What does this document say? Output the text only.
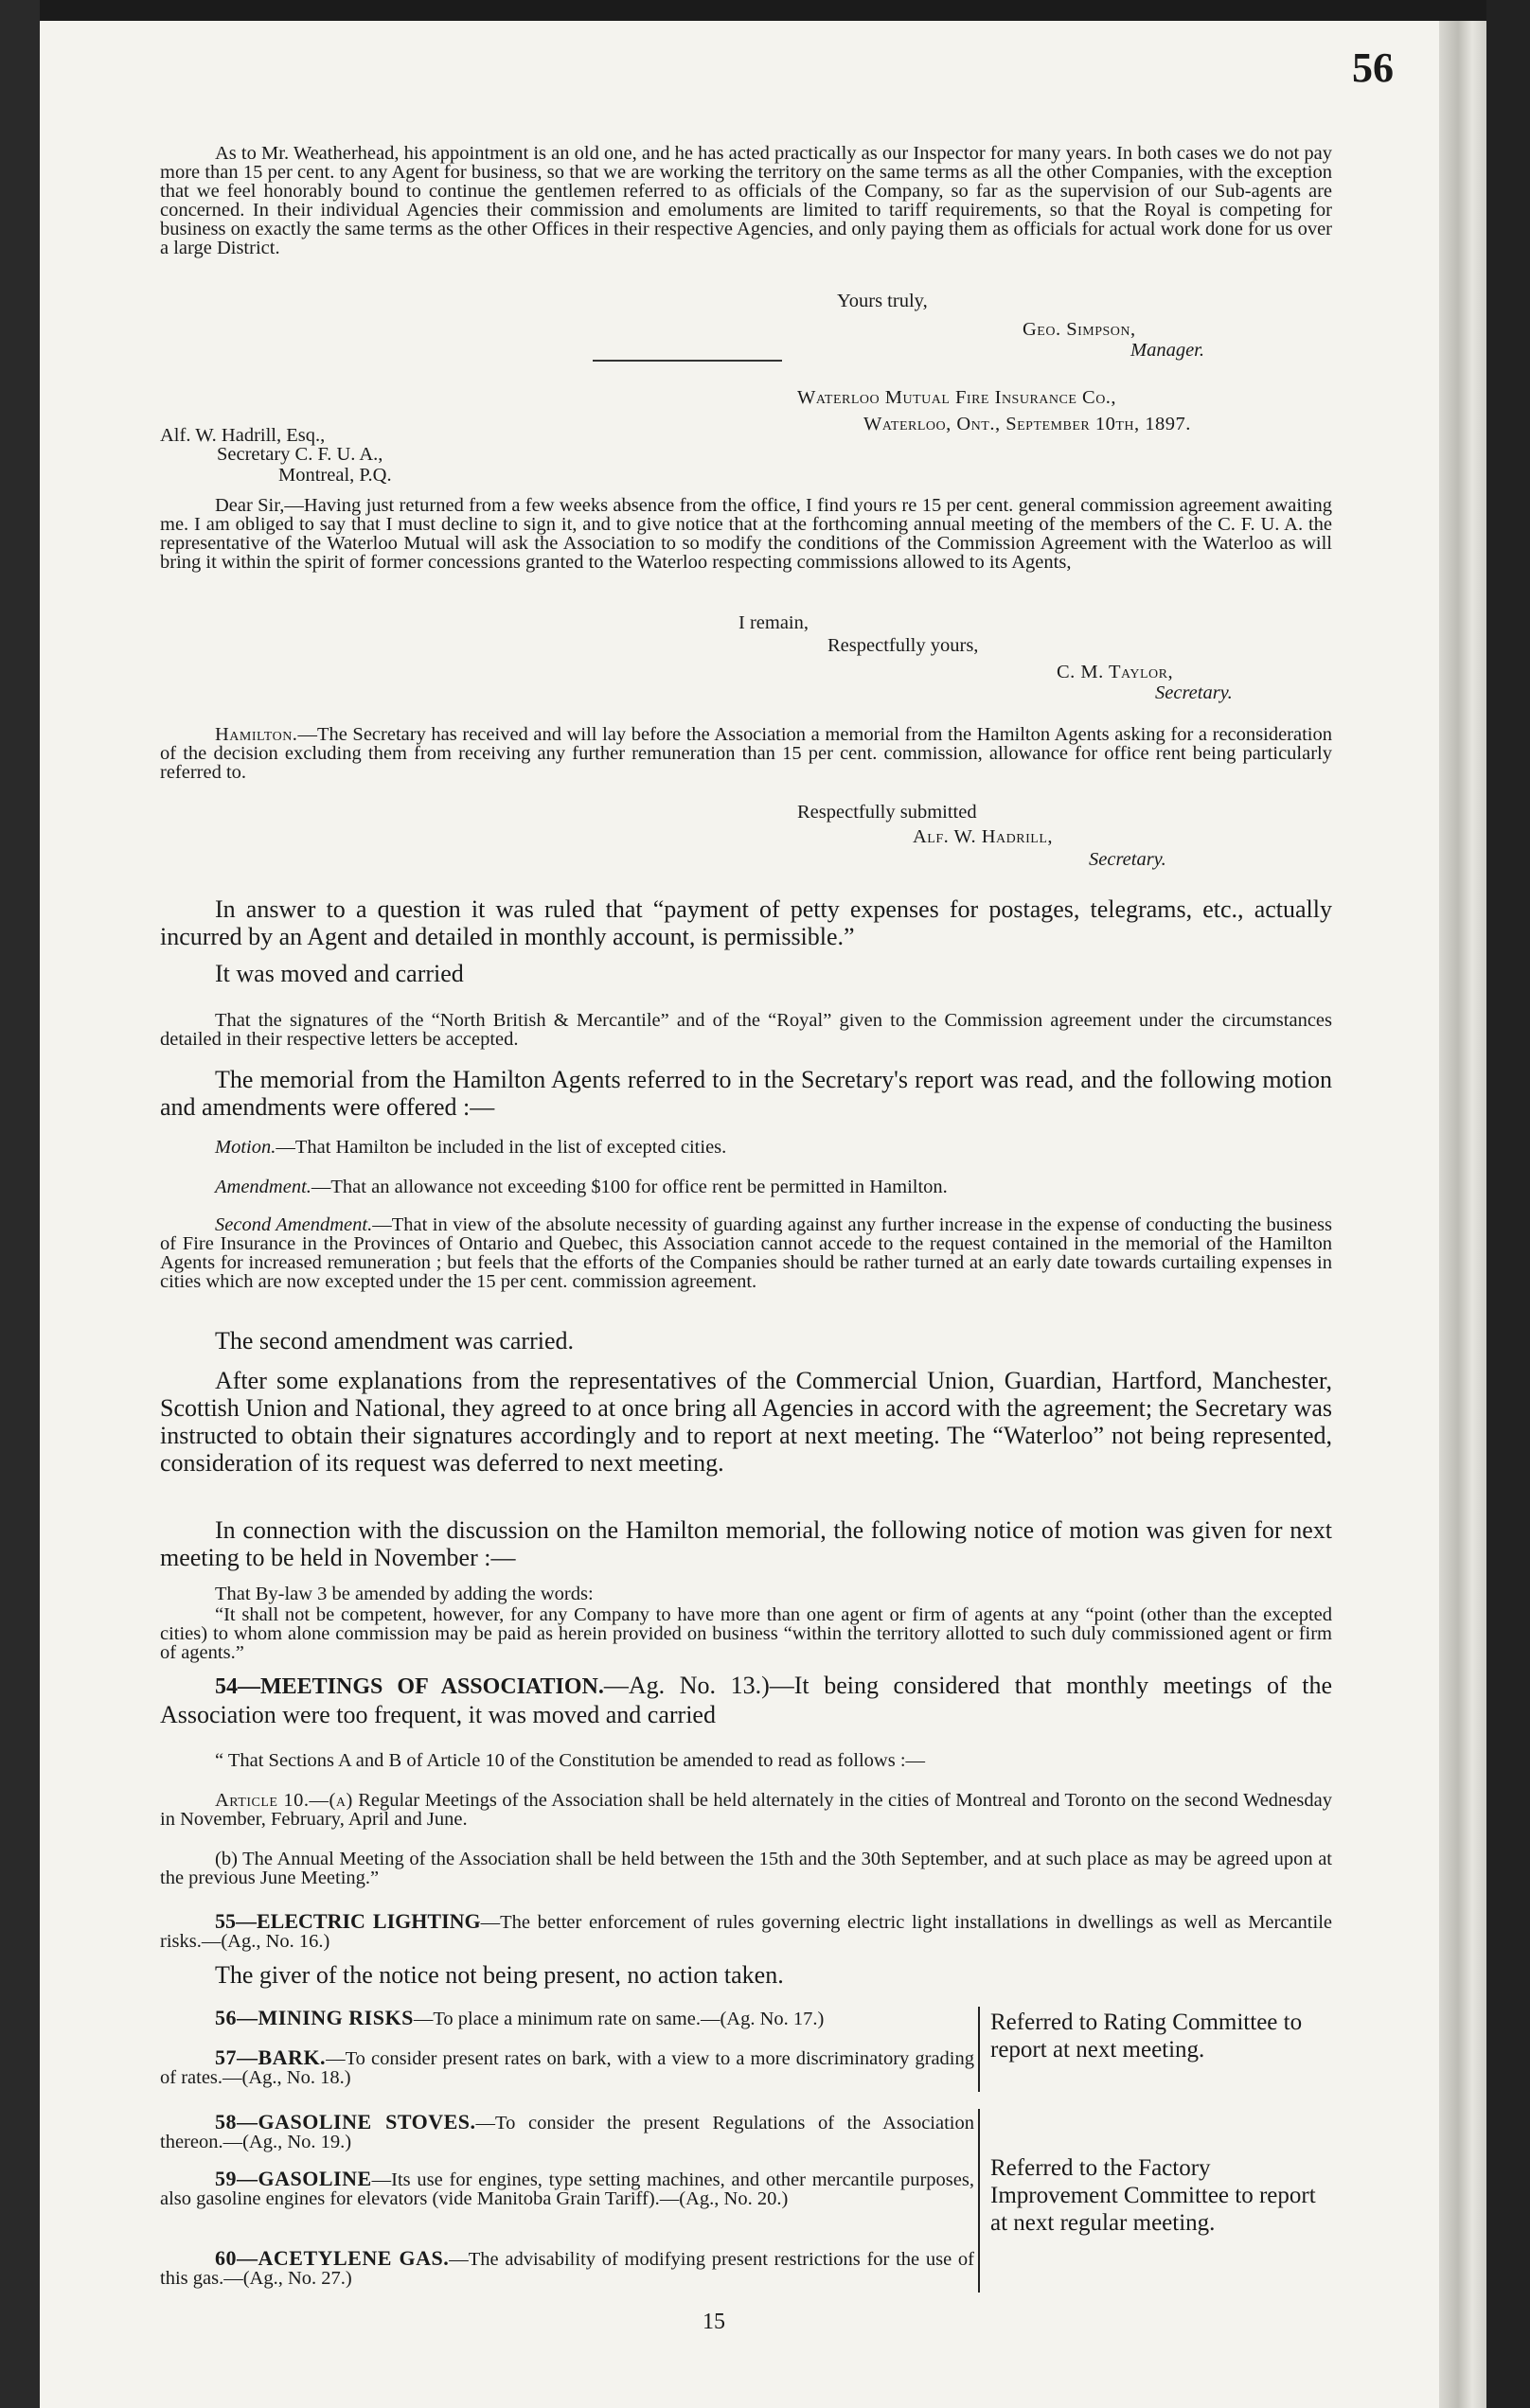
56

As to Mr. Weatherhead, his appointment is an old one, and he has acted practically as our Inspector for many years. In both cases we do not pay more than 15 per cent. to any Agent for business, so that we are working the territory on the same terms as all the other Companies, with the exception that we feel honorably bound to continue the gentlemen referred to as officials of the Company, so far as the supervision of our Sub-agents are concerned. In their individual Agencies their commission and emoluments are limited to tariff requirements, so that the Royal is competing for business on exactly the same terms as the other Offices in their respective Agencies, and only paying them as officials for actual work done for us over a large District.

Yours truly,
Geo. Simpson,
Manager.
Waterloo Mutual Fire Insurance Co.,
Waterloo, Ont., September 10th, 1897.
Alf. W. Hadrill, Esq.,
Secretary C. F. U. A.,
Montreal, P.Q.

Dear Sir,—Having just returned from a few weeks absence from the office, I find yours re 15 per cent. general commission agreement awaiting me. I am obliged to say that I must decline to sign it, and to give notice that at the forthcoming annual meeting of the members of the C. F. U. A. the representative of the Waterloo Mutual will ask the Association to so modify the conditions of the Commission Agreement with the Waterloo as will bring it within the spirit of former concessions granted to the Waterloo respecting commissions allowed to its Agents,

I remain,
Respectfully yours,
C. M. Taylor,
Secretary.

Hamilton.—The Secretary has received and will lay before the Association a memorial from the Hamilton Agents asking for a reconsideration of the decision excluding them from receiving any further remuneration than 15 per cent. commission, allowance for office rent being particularly referred to.

Respectfully submitted
Alf. W. Hadrill,
Secretary.

In answer to a question it was ruled that “payment of petty expenses for postages, telegrams, etc., actually incurred by an Agent and detailed in monthly account, is permissible.”

It was moved and carried

That the signatures of the “North British & Mercantile” and of the “Royal” given to the Commission agreement under the circumstances detailed in their respective letters be accepted.

The memorial from the Hamilton Agents referred to in the Secretary's report was read, and the following motion and amendments were offered :—

Motion.—That Hamilton be included in the list of excepted cities.
Amendment.—That an allowance not exceeding $100 for office rent be permitted in Hamilton.

Second Amendment.—That in view of the absolute necessity of guarding against any further increase in the expense of conducting the business of Fire Insurance in the Provinces of Ontario and Quebec, this Association cannot accede to the request contained in the memorial of the Hamilton Agents for increased remuneration ; but feels that the efforts of the Companies should be rather turned at an early date towards curtailing expenses in cities which are now excepted under the 15 per cent. commission agreement.

The second amendment was carried.

After some explanations from the representatives of the Commercial Union, Guardian, Hartford, Manchester, Scottish Union and National, they agreed to at once bring all Agencies in accord with the agreement; the Secretary was instructed to obtain their signatures accordingly and to report at next meeting. The “Waterloo” not being represented, consideration of its request was deferred to next meeting.

In connection with the discussion on the Hamilton memorial, the following notice of motion was given for next meeting to be held in November :—

That By-law 3 be amended by adding the words:

“It shall not be competent, however, for any Company to have more than one agent or firm of agents at any “point (other than the excepted cities) to whom alone commission may be paid as herein provided on business “within the territory allotted to such duly commissioned agent or firm of agents.”

54—MEETINGS OF ASSOCIATION.—Ag. No. 13.)—It being considered that monthly meetings of the Association were too frequent, it was moved and carried

“ That Sections A and B of Article 10 of the Constitution be amended to read as follows :—

Article 10.—(a) Regular Meetings of the Association shall be held alternately in the cities of Montreal and Toronto on the second Wednesday in November, February, April and June.

(b) The Annual Meeting of the Association shall be held between the 15th and the 30th September, and at such place as may be agreed upon at the previous June Meeting.”

55—ELECTRIC LIGHTING—The better enforcement of rules governing electric light installations in dwellings as well as Mercantile risks.—(Ag., No. 16.)

The giver of the notice not being present, no action taken.
56—MINING RISKS—To place a minimum rate on same.—(Ag. No. 17.)

57—BARK.—To consider present rates on bark, with a view to a more discriminatory grading of rates.—(Ag., No. 18.)

Referred to Rating Committee to report at next meeting.

58—GASOLINE STOVES.—To consider the present Regulations of the Association thereon.—(Ag., No. 19.)

59—GASOLINE—Its use for engines, type setting machines, and other mercantile purposes, also gasoline engines for elevators (vide Manitoba Grain Tariff).—(Ag., No. 20.)

60—ACETYLENE GAS.—The advisability of modifying present restrictions for the use of this gas.—(Ag., No. 27.)

Referred to the Factory Improvement Committee to report at next regular meeting.
15
